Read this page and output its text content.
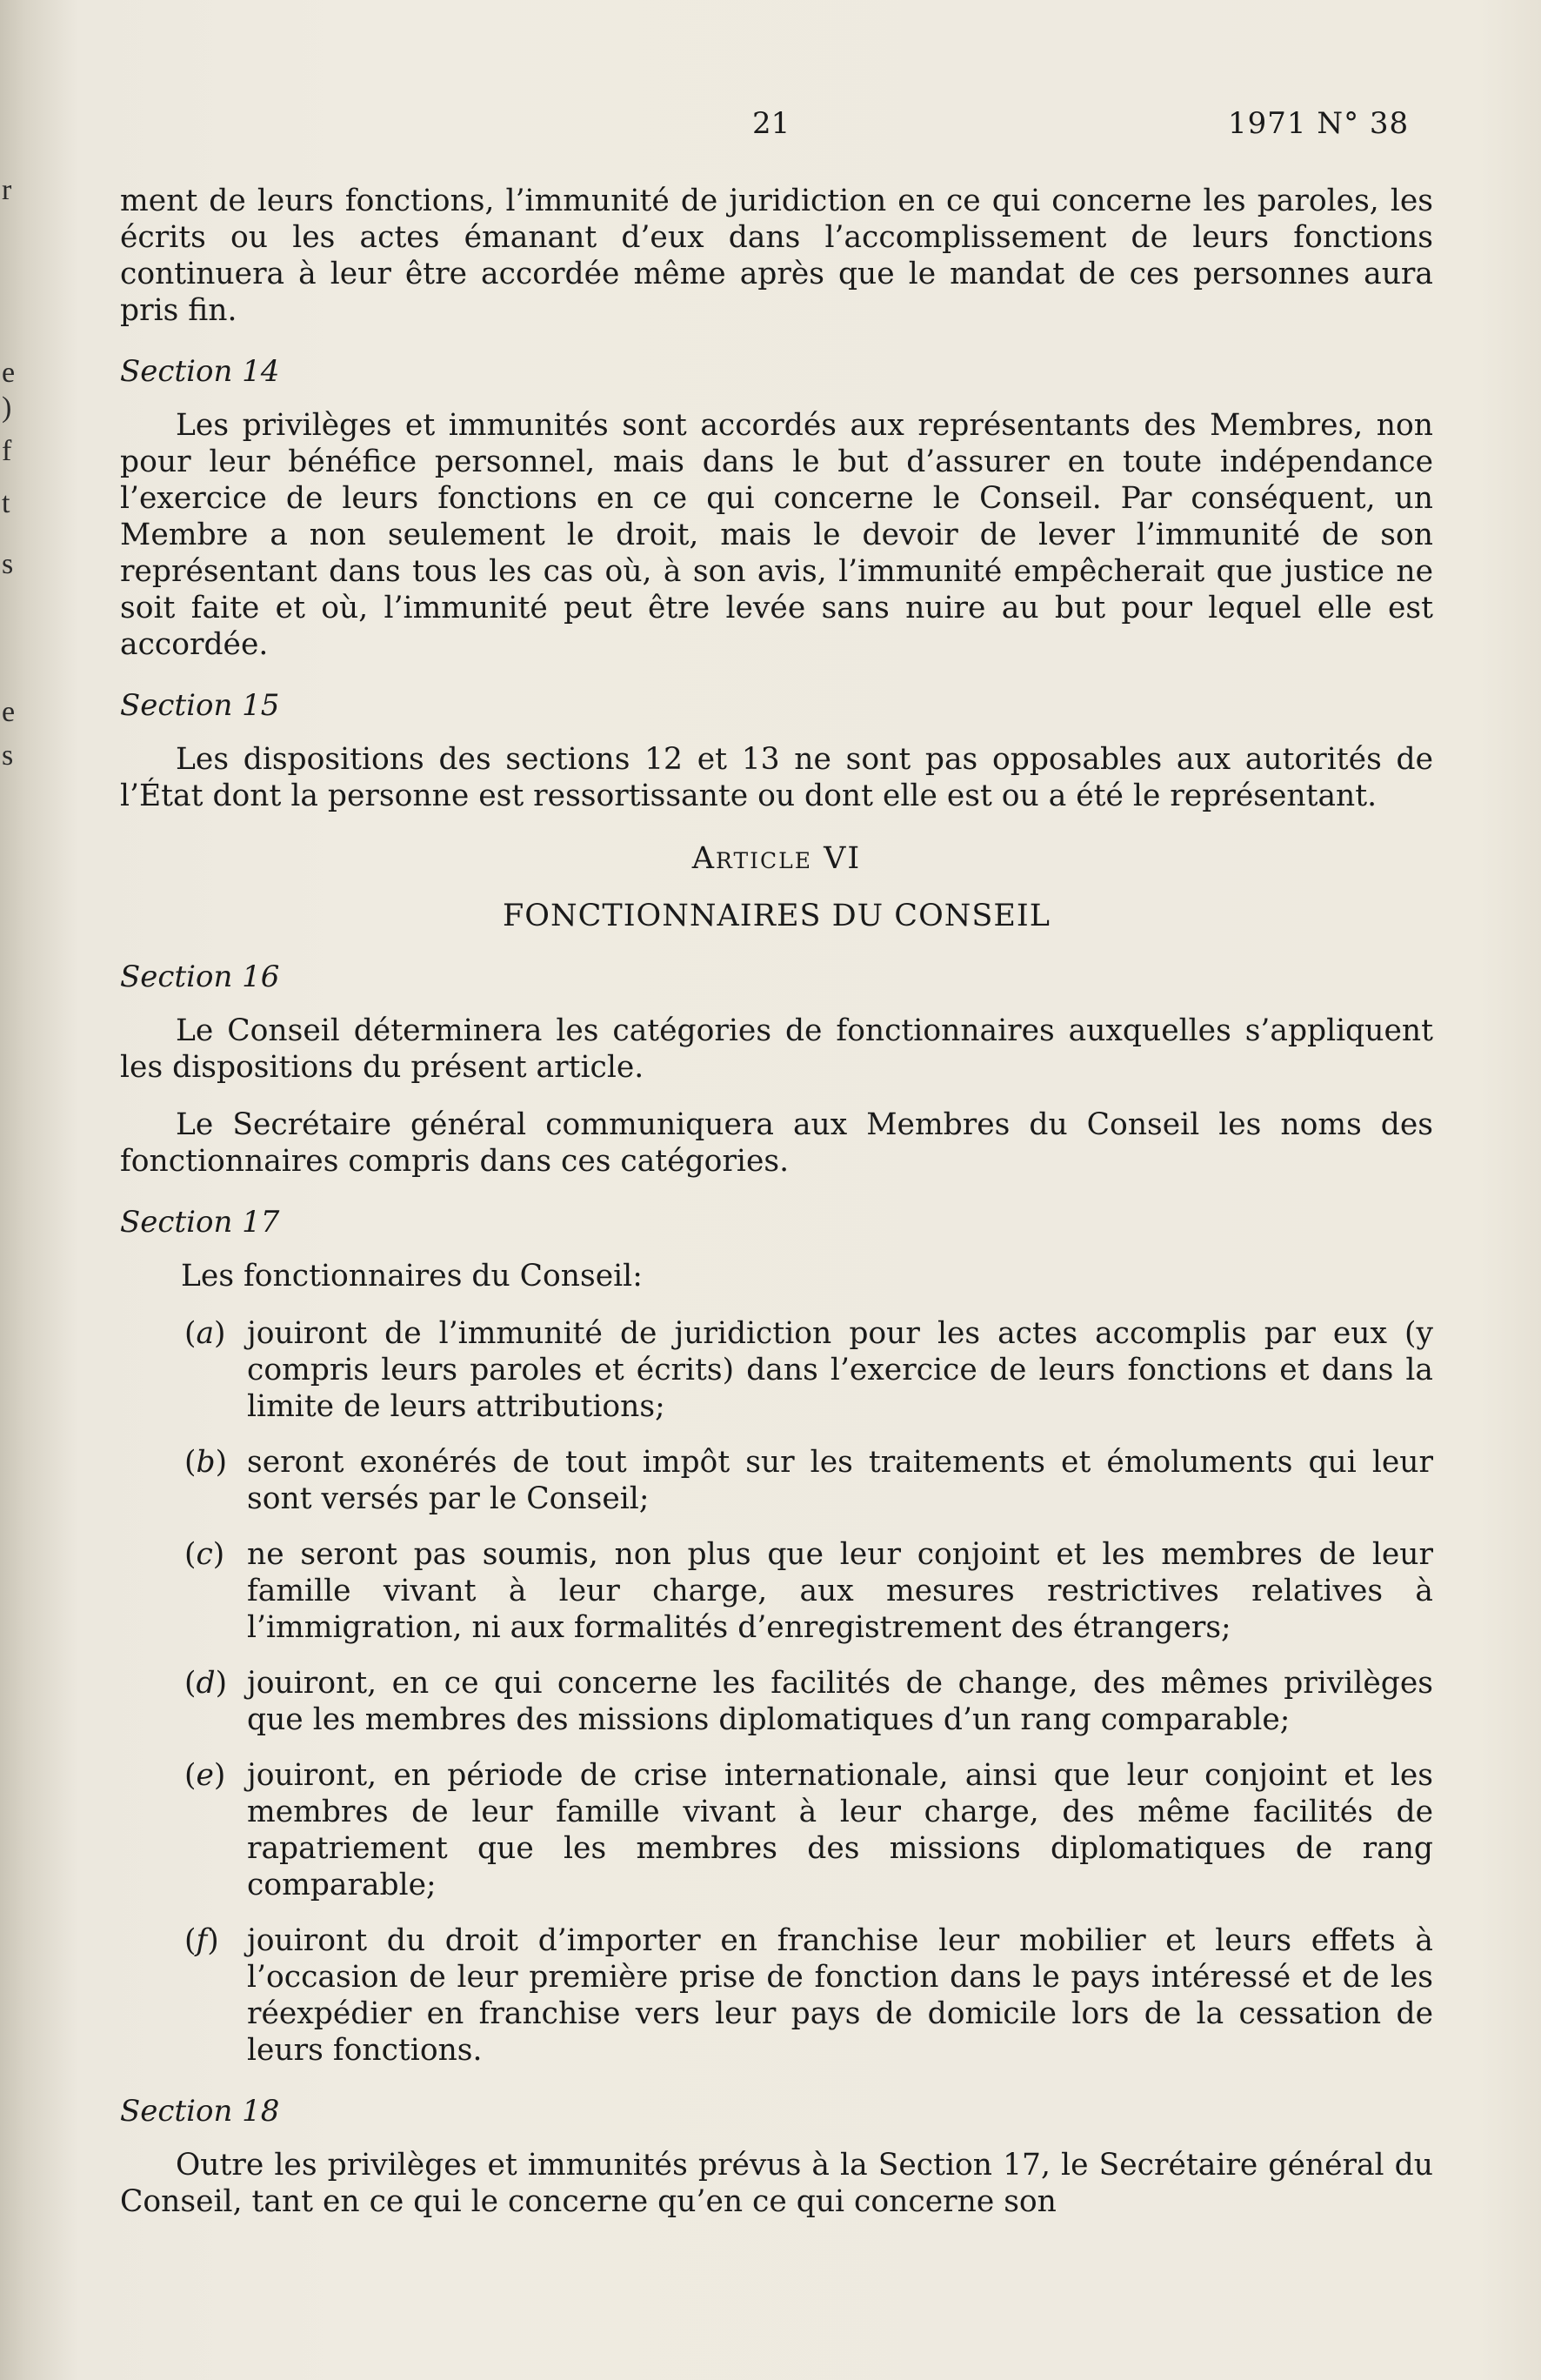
r
e
)
f
t
s
e
s
21	1971 N° 38

ment de leurs fonctions, l’immunité de juridiction en ce qui concerne les paroles, les écrits ou les actes émanant d’eux dans l’accomplissement de leurs fonctions continuera à leur être accordée même après que le mandat de ces personnes aura pris fin.

Section 14

Les privilèges et immunités sont accordés aux représentants des Membres, non pour leur bénéfice personnel, mais dans le but d’assurer en toute indépendance l’exercice de leurs fonctions en ce qui concerne le Conseil. Par conséquent, un Membre a non seulement le droit, mais le devoir de lever l’immunité de son représentant dans tous les cas où, à son avis, l’immunité empêcherait que justice ne soit faite et où, l’immunité peut être levée sans nuire au but pour lequel elle est accordée.

Section 15

Les dispositions des sections 12 et 13 ne sont pas opposables aux autorités de l’État dont la personne est ressortissante ou dont elle est ou a été le représentant.

Article VI
FONCTIONNAIRES DU CONSEIL
Section 16

Le Conseil déterminera les catégories de fonctionnaires auxquelles s’appliquent les dispositions du présent article.

Le Secrétaire général communiquera aux Membres du Conseil les noms des fonctionnaires compris dans ces catégories.

Section 17

Les fonctionnaires du Conseil:

(a) jouiront de l’immunité de juridiction pour les actes accomplis par eux (y compris leurs paroles et écrits) dans l’exercice de leurs fonctions et dans la limite de leurs attributions;
(b) seront exonérés de tout impôt sur les traitements et émoluments qui leur sont versés par le Conseil;
(c) ne seront pas soumis, non plus que leur conjoint et les membres de leur famille vivant à leur charge, aux mesures restrictives relatives à l’immigration, ni aux formalités d’enregistrement des étrangers;
(d) jouiront, en ce qui concerne les facilités de change, des mêmes privilèges que les membres des missions diplomatiques d’un rang comparable;
(e) jouiront, en période de crise internationale, ainsi que leur conjoint et les membres de leur famille vivant à leur charge, des même facilités de rapatriement que les membres des missions diplomatiques de rang comparable;
(f) jouiront du droit d’importer en franchise leur mobilier et leurs effets à l’occasion de leur première prise de fonction dans le pays intéressé et de les réexpédier en franchise vers leur pays de domicile lors de la cessation de leurs fonctions.
Section 18

Outre les privilèges et immunités prévus à la Section 17, le Secrétaire général du Conseil, tant en ce qui le concerne qu’en ce qui concerne son
